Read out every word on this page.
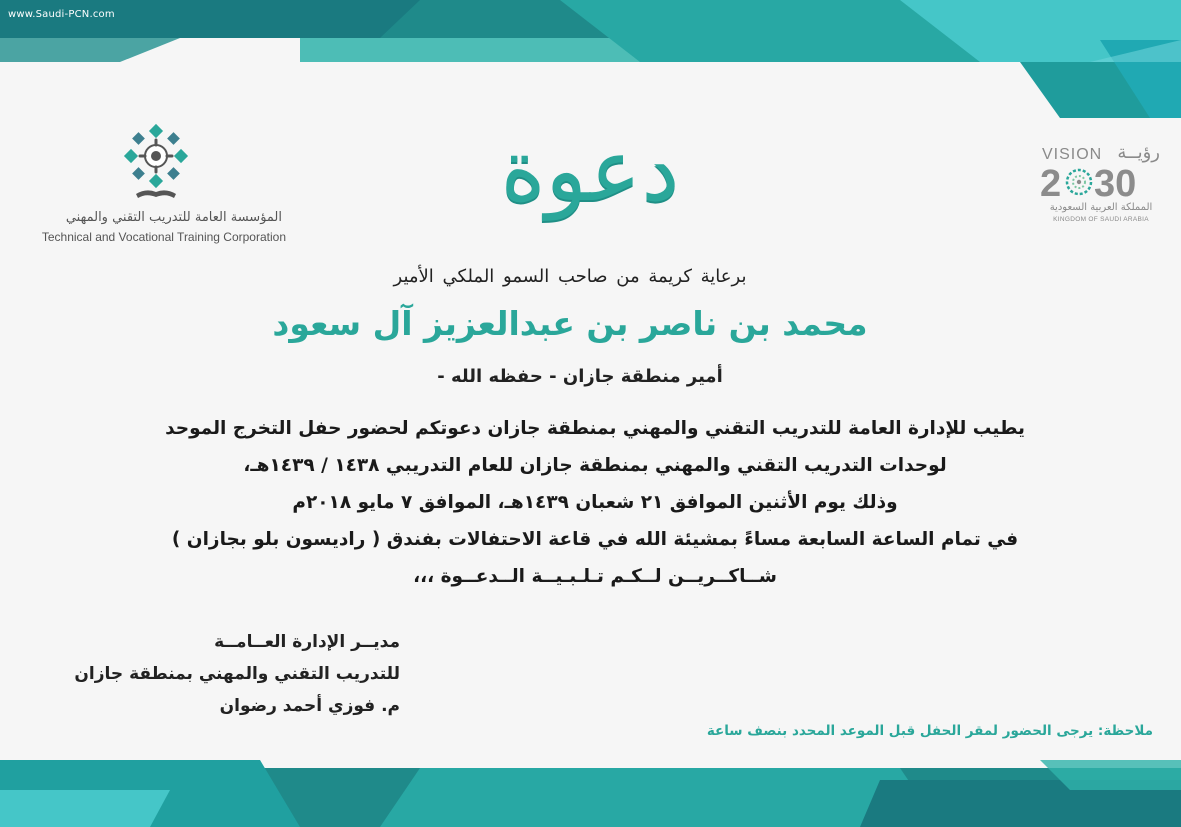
www.Saudi-PCN.com
VISION رؤيــة
2 30
المملكة العربية السعودية
KINGDOM OF SAUDI ARABIA
المؤسسة العامة للتدريب التقني والمهني
Technical and Vocational Training Corporation
دعوة
برعاية كريمة من صاحب السمو الملكي الأمير
محمد بن ناصر بن عبدالعزيز آل سعود
أمير منطقة جازان - حفظه الله -
يطيب للإدارة العامة للتدريب التقني والمهني بمنطقة جازان دعوتكم لحضور حفل التخرج الموحد
لوحدات التدريب التقني والمهني بمنطقة جازان للعام التدريبي ١٤٣٨ / ١٤٣٩هـ،
وذلك يوم الأثنين الموافق ٢١ شعبان ١٤٣٩هـ، الموافق ٧ مايو ٢٠١٨م
في تمام الساعة السابعة مساءً بمشيئة الله في قاعة الاحتفالات بفندق ( راديسون بلو بجازان )
شــاكــريــن لــكـم تـلـبـيــة الــدعــوة ،،،
مديــر الإدارة العــامــة
للتدريب التقني والمهني بمنطقة جازان
م. فوزي أحمد رضوان
ملاحظة: يرجى الحضور لمقر الحفل قبل الموعد المحدد بنصف ساعة
